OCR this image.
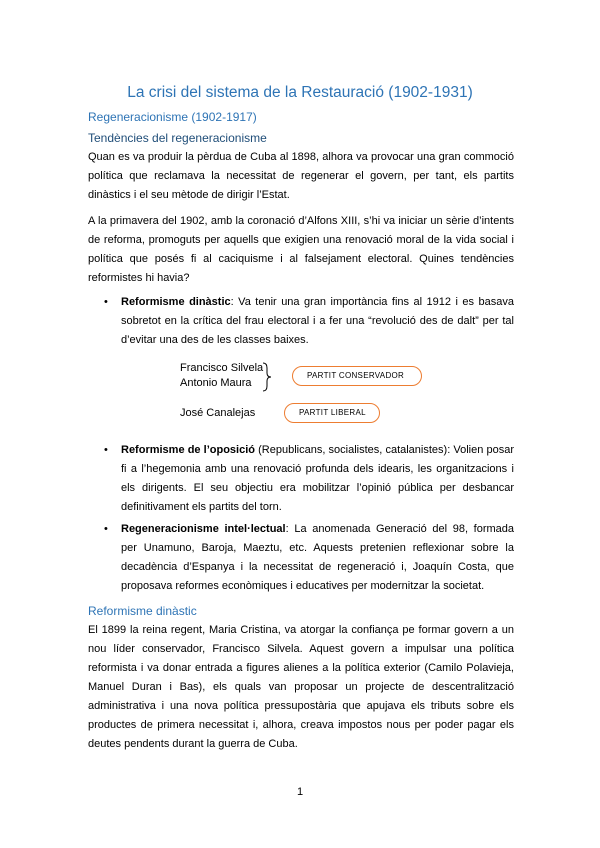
La crisi del sistema de la Restauració (1902-1931)
Regeneracionisme (1902-1917)
Tendències del regeneracionisme

Quan es va produir la pèrdua de Cuba al 1898, alhora va provocar una gran commoció política que reclamava la necessitat de regenerar el govern, per tant, els partits dinàstics i el seu mètode de dirigir l’Estat.

A la primavera del 1902, amb la coronació d’Alfons XIII, s’hi va iniciar un sèrie d’intents de reforma, promoguts per aquells que exigien una renovació moral de la vida social i política que posés fi al caciquisme i al falsejament electoral. Quines tendències reformistes hi havia?

• Reformisme dinàstic: Va tenir una gran importància fins al 1912 i es basava sobretot en la crítica del frau electoral i a fer una “revolució des de dalt” per tal d’evitar una des de les classes baixes.

Francisco Silvela
Antonio Maura
José Canalejas
PARTIT CONSERVADOR
PARTIT LIBERAL
• Reformisme de l’oposició (Republicans, socialistes, catalanistes): Volien posar fi a l’hegemonia amb una renovació profunda dels idearis, les organitzacions i els dirigents. El seu objectiu era mobilitzar l’opinió pública per desbancar definitivament els partits del torn.

• Regeneracionisme intel·lectual: La anomenada Generació del 98, formada per Unamuno, Baroja, Maeztu, etc. Aquests pretenien reflexionar sobre la decadència d’Espanya i la necessitat de regeneració i, Joaquín Costa, que proposava reformes econòmiques i educatives per modernitzar la societat.

Reformisme dinàstic

El 1899 la reina regent, Maria Cristina, va atorgar la confiança pe formar govern a un nou líder conservador, Francisco Silvela. Aquest govern a impulsar una política reformista i va donar entrada a figures alienes a la política exterior (Camilo Polavieja, Manuel Duran i Bas), els quals van proposar un projecte de descentralització administrativa i una nova política pressupostària que apujava els tributs sobre els productes de primera necessitat i, alhora, creava impostos nous per poder pagar els deutes pendents durant la guerra de Cuba.

1
